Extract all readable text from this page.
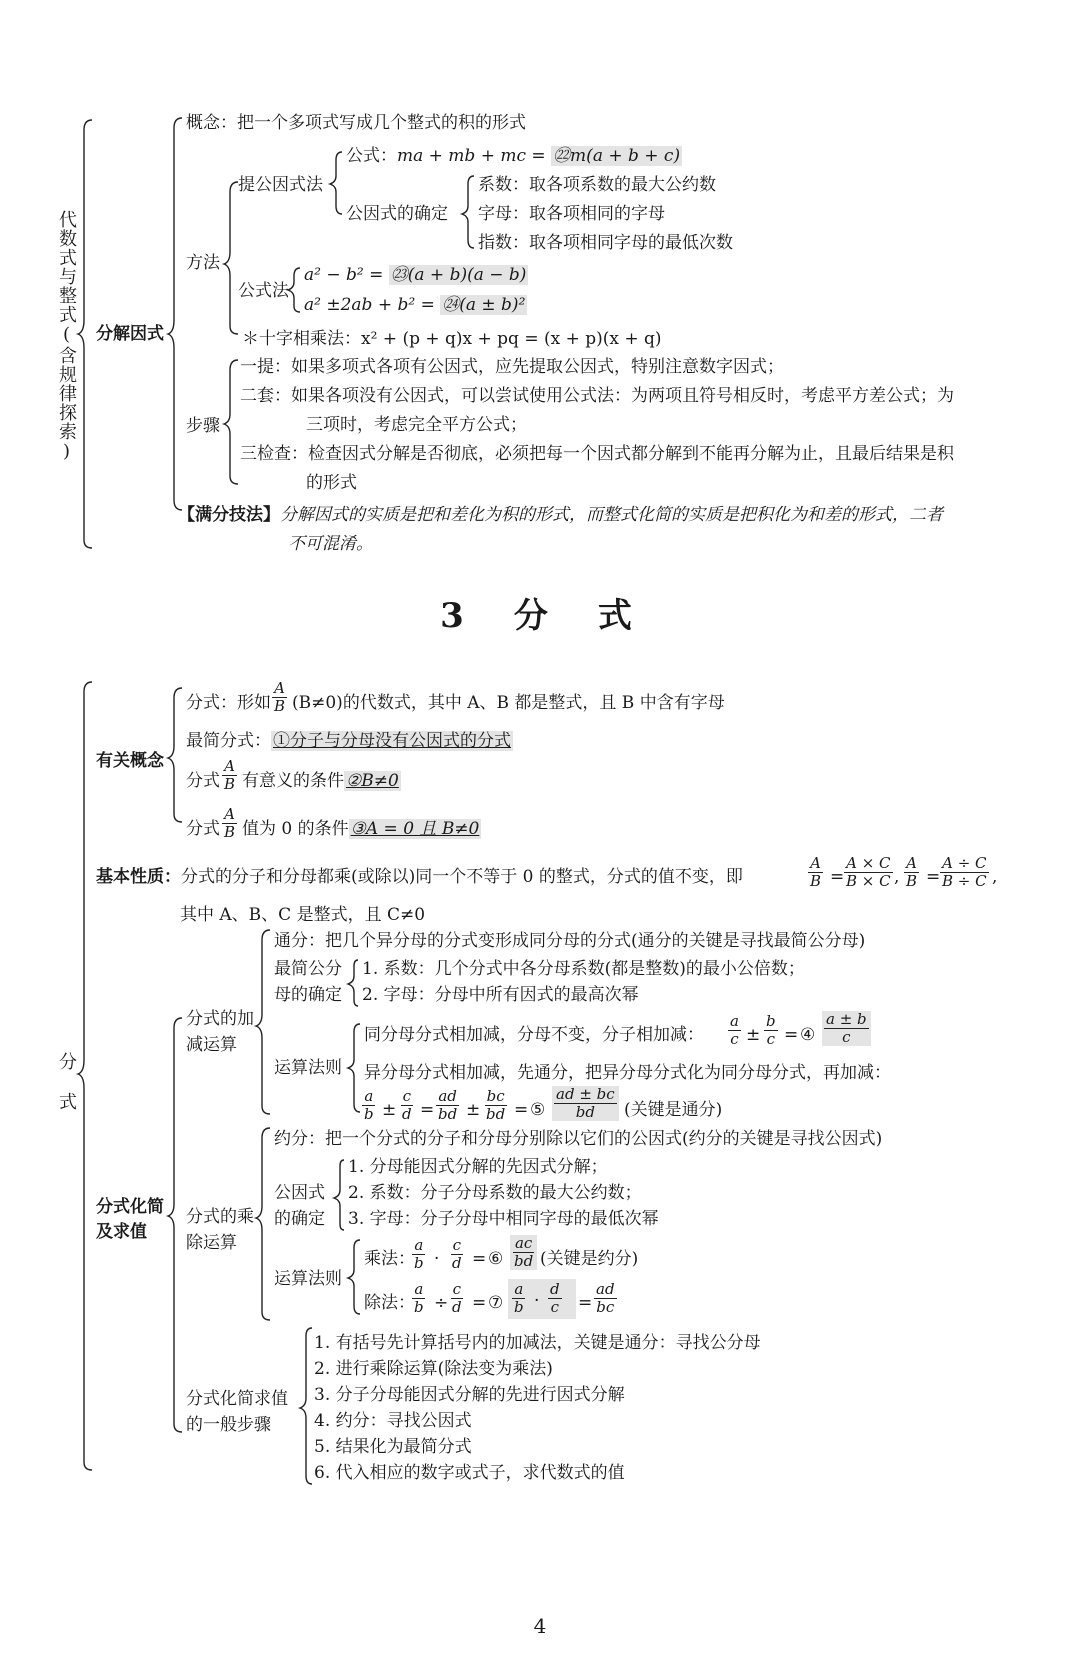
代数式与整式(含规律探索) 分解因式
概念：把一个多项式写成几个整式的积的形式
方法
提公因式法
公式：ma + mb + mc = ㉒m(a + b + c)
公因式的确定
系数：取各项系数的最大公约数
字母：取各项相同的字母
指数：取各项相同字母的最低次数
公式法
a² − b² = ㉓(a + b)(a − b)
a² ±2ab + b² = ㉔(a ± b)²
＊十字相乘法：x² + (p + q)x + pq = (x + p)(x + q)
步骤
一提：如果多项式各项有公因式，应先提取公因式，特别注意数字因式；
二套：如果各项没有公因式，可以尝试使用公式法：为两项且符号相反时，考虑平方差公式；为
三项时，考虑完全平方公式；
三检查：检查因式分解是否彻底，必须把每一个因式都分解到不能再分解为止，且最后结果是积
的形式
【满分技法】分解因式的实质是把和差化为积的形式，而整式化简的实质是把积化为和差的形式，二者
不可混淆。
3　分　式
分式
有关概念
分式：形如 $\frac{A}{B} (B\ne 0)$的代数式，其中 A、B 都是整式，且 B 中含有字母
最简分式： ①分子与分母没有公因式的分式
分式 $\frac{A}{B}$ 有意义的条件 ②B≠0
分式 $\frac{A}{B}$ 值为 0 的条件 ③A = 0 且 B≠0
基本性质：分式的分子和分母都乘(或除以)同一个不等于 0 的整式，分式的值不变，即	$\frac{A}{B} = \frac{A \times C}{B \times C}$ , $\frac{A}{B} = \frac{A \div C}{B \div C}$ ,
其中 A、B、C 是整式，且 C≠0
分式化简
及求值
分式的加
减运算
通分：把几个异分母的分式变形成同分母的分式(通分的关键是寻找最简公分母)
最简公分
母的确定
1. 系数：几个分式中各分母系数(都是整数)的最小公倍数；
2. 字母：分母中所有因式的最高次幂
运算法则
同分母分式相加减，分母不变，分子相加减： $\frac{a}{c} \pm \frac{b}{c}$ = ④ $\frac{a \pm b}{c}$
异分母分式相加减，先通分，把异分母分式化为同分母分式，再加减：
$\frac{a}{b} \pm \frac{c}{d} = \frac{ad}{bd} \pm \frac{bc}{bd}$ = ⑤ $\frac{ad \pm bc}{bd}$ (关键是通分)
分式的乘
除运算
约分：把一个分式的分子和分母分别除以它们的公因式(约分的关键是寻找公因式)
公因式
的确定
1. 分母能因式分解的先因式分解；
2. 系数：分子分母系数的最大公约数；
3. 字母：分子分母中相同字母的最低次幂
运算法则
乘法：
$\frac{a}{b} \cdot \frac{c}{d}$ = ⑥ $\frac{ac}{bd}$ (关键是约分)
除法：
$\frac{a}{b} \div \frac{c}{d}$ = ⑦ $\frac{a}{b} \cdot \frac{d}{c} = \frac{ad}{bc}$
分式化简求值
的一般步骤
1. 有括号先计算括号内的加减法，关键是通分：寻找公分母
2. 进行乘除运算(除法变为乘法)
3. 分子分母能因式分解的先进行因式分解
4. 约分：寻找公因式
5. 结果化为最简分式
6. 代入相应的数字或式子，求代数式的值
4
